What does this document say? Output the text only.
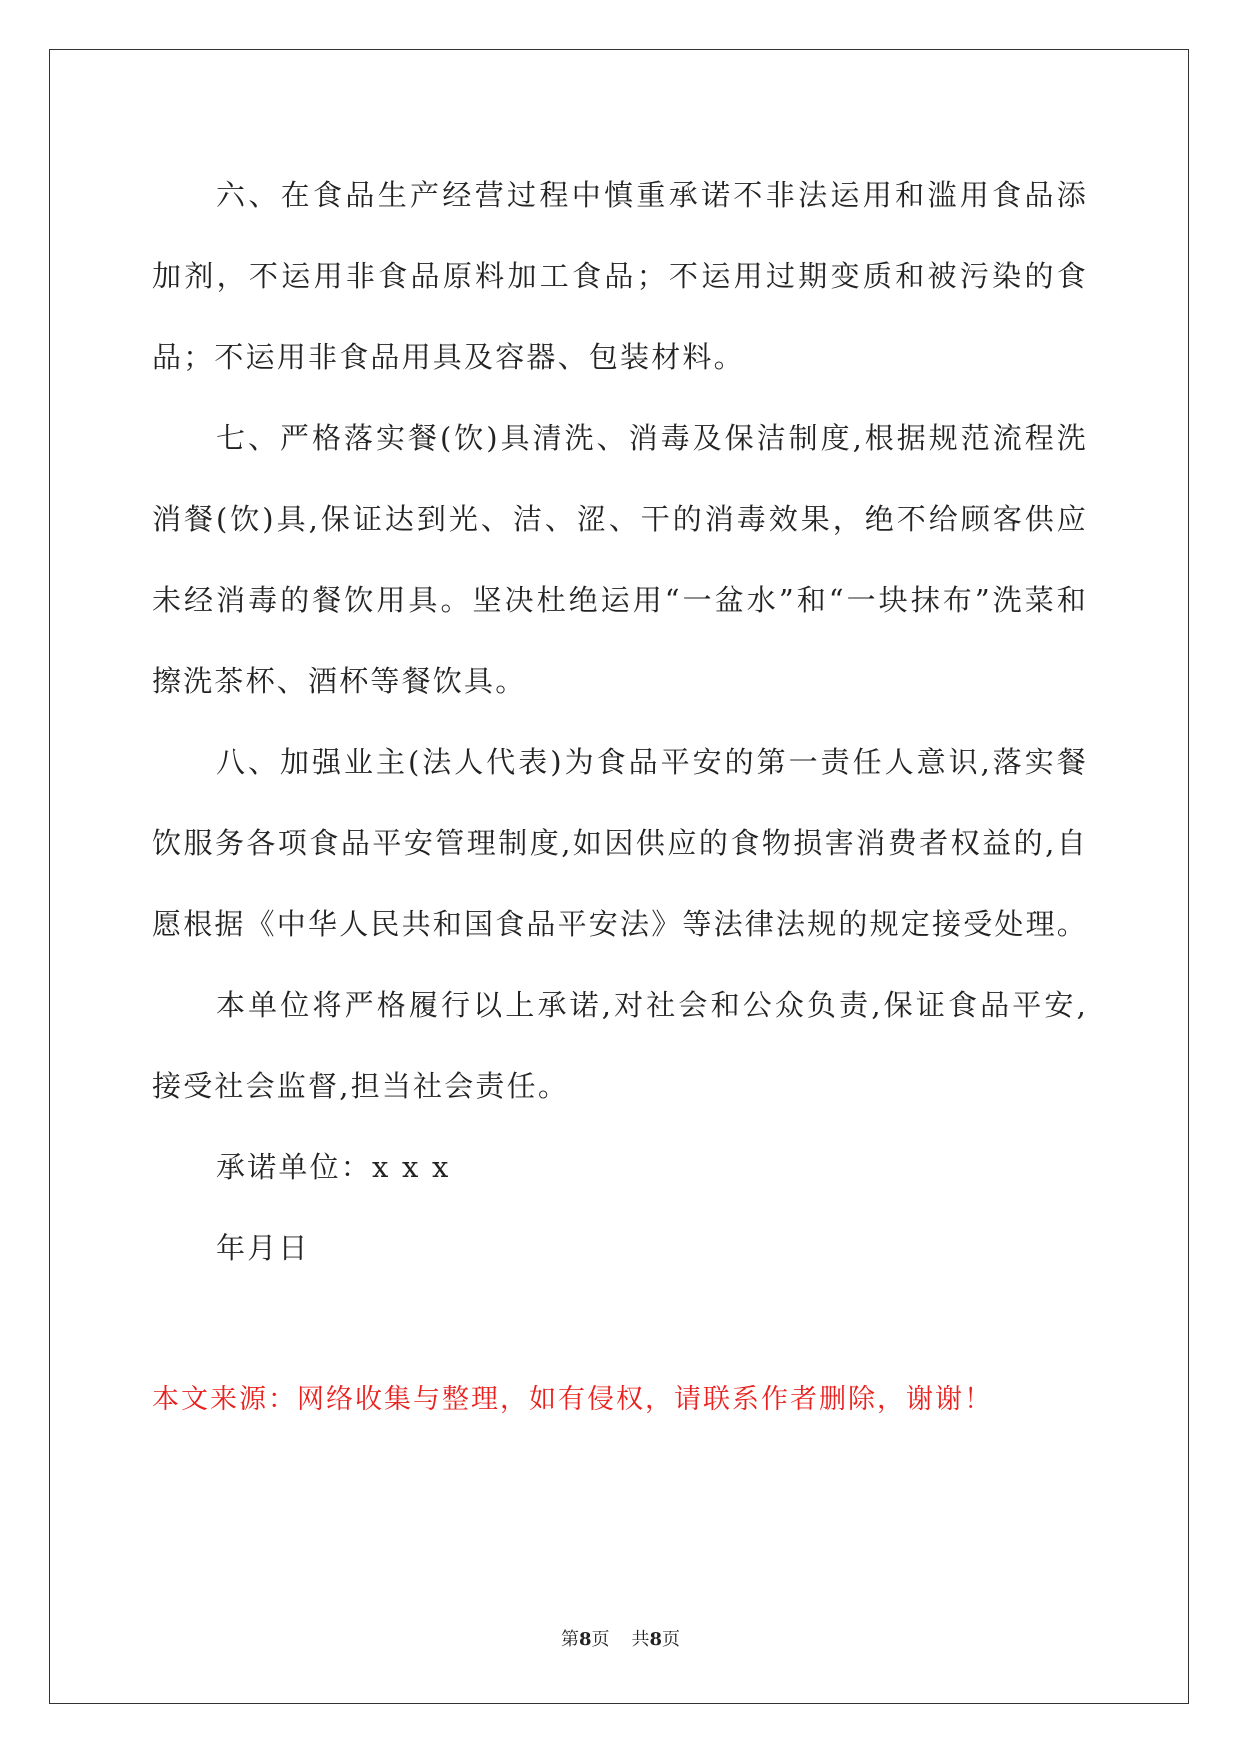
六、在食品生产经营过程中慎重承诺不非法运用和滥用食品添加剂，不运用非食品原料加工食品；不运用过期变质和被污染的食品；不运用非食品用具及容器、包装材料。

七、严格落实餐(饮)具清洗、消毒及保洁制度,根据规范流程洗消餐(饮)具,保证达到光、洁、涩、干的消毒效果，绝不给顾客供应未经消毒的餐饮用具。坚决杜绝运用“一盆水”和“一块抹布”洗菜和擦洗茶杯、酒杯等餐饮具。

八、加强业主(法人代表)为食品平安的第一责任人意识,落实餐饮服务各项食品平安管理制度,如因供应的食物损害消费者权益的,自愿根据《中华人民共和国食品平安法》等法律法规的规定接受处理。

本单位将严格履行以上承诺,对社会和公众负责,保证食品平安,接受社会监督,担当社会责任。

承诺单位：x x x

年月日

本文来源：网络收集与整理，如有侵权，请联系作者删除，谢谢！

第8页 共8页
